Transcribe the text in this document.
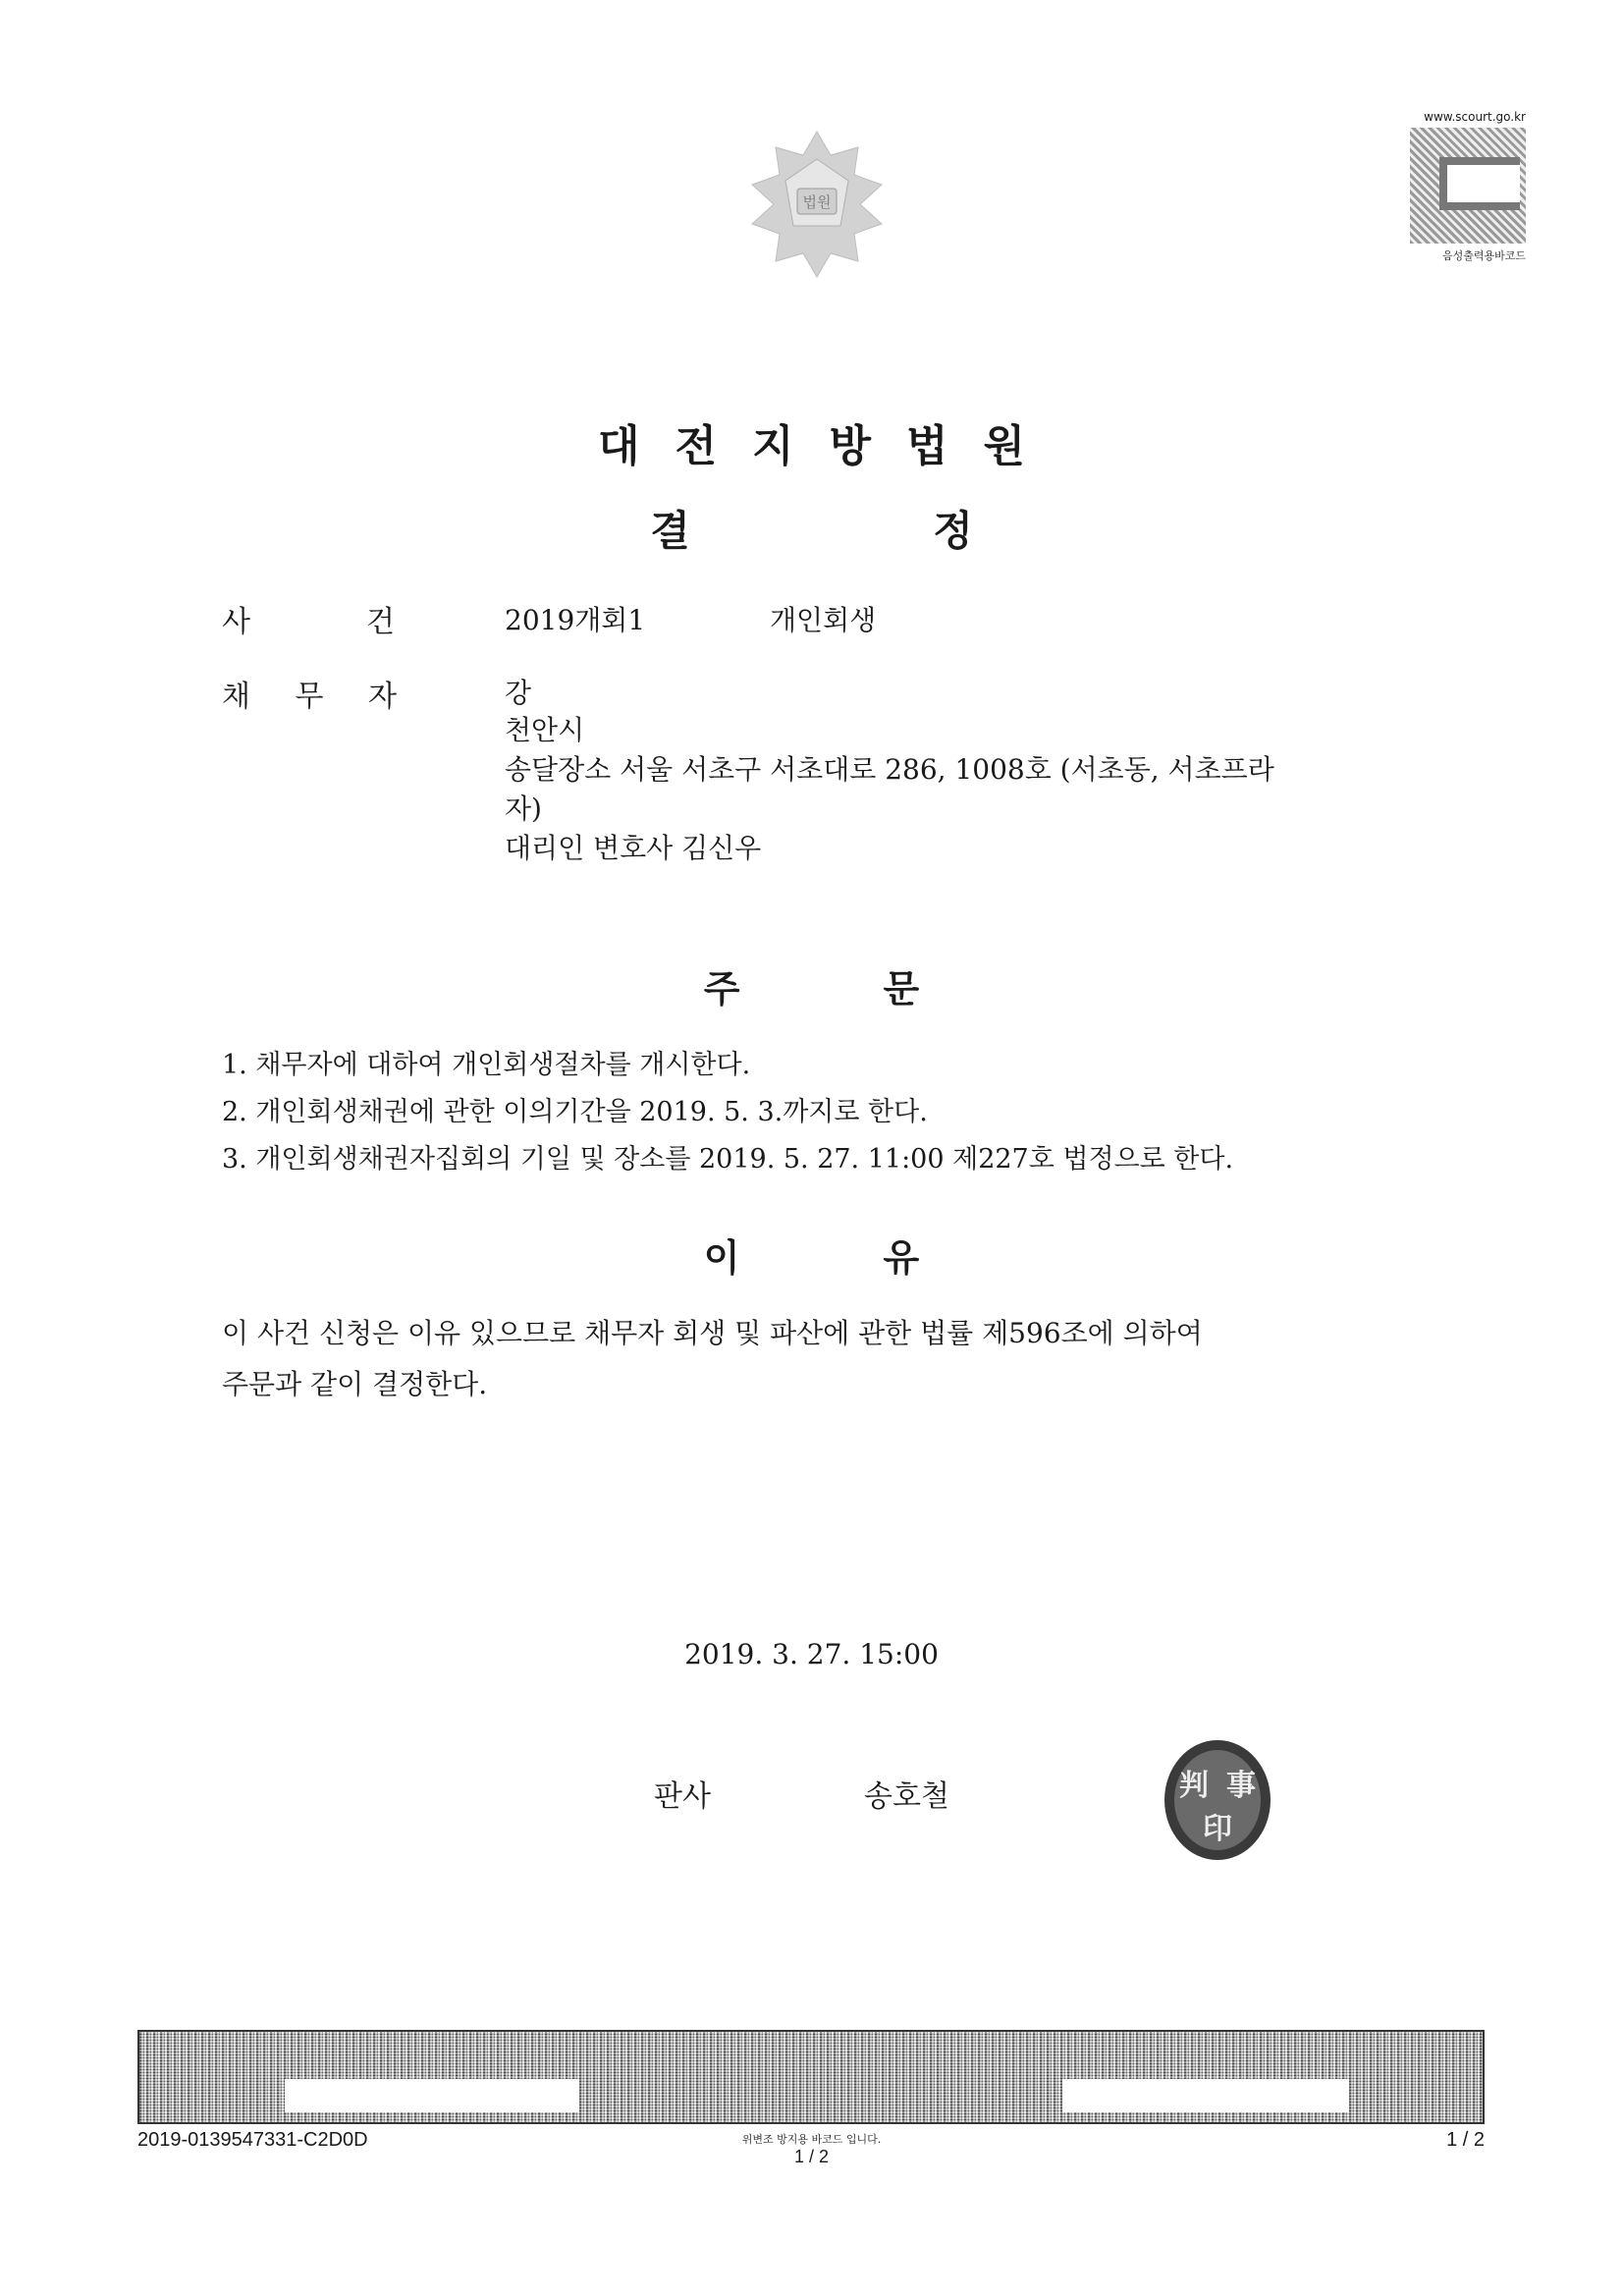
법원
www.scourt.go.kr
음성출력용바코드
대전지방법원
결	정
사	건	2019개회1	개인회생
채 무 자	강
천안시
송달장소 서울 서초구 서초대로 286, 1008호 (서초동, 서초프라
자)
대리인 변호사 김신우
주	문
1. 채무자에 대하여 개인회생절차를 개시한다.
2. 개인회생채권에 관한 이의기간을 2019. 5. 3.까지로 한다.
3. 개인회생채권자집회의 기일 및 장소를 2019. 5. 27. 11:00 제227호 법정으로 한다.
이	유
이 사건 신청은 이유 있으므로 채무자 회생 및 파산에 관한 법률 제596조에 의하여
주문과 같이 결정한다.
2019. 3. 27. 15:00
판사	송호철	判 事
印
2019-0139547331-C2D0D	위변조 방지용 바코드 입니다.
1 / 2
1 / 2
